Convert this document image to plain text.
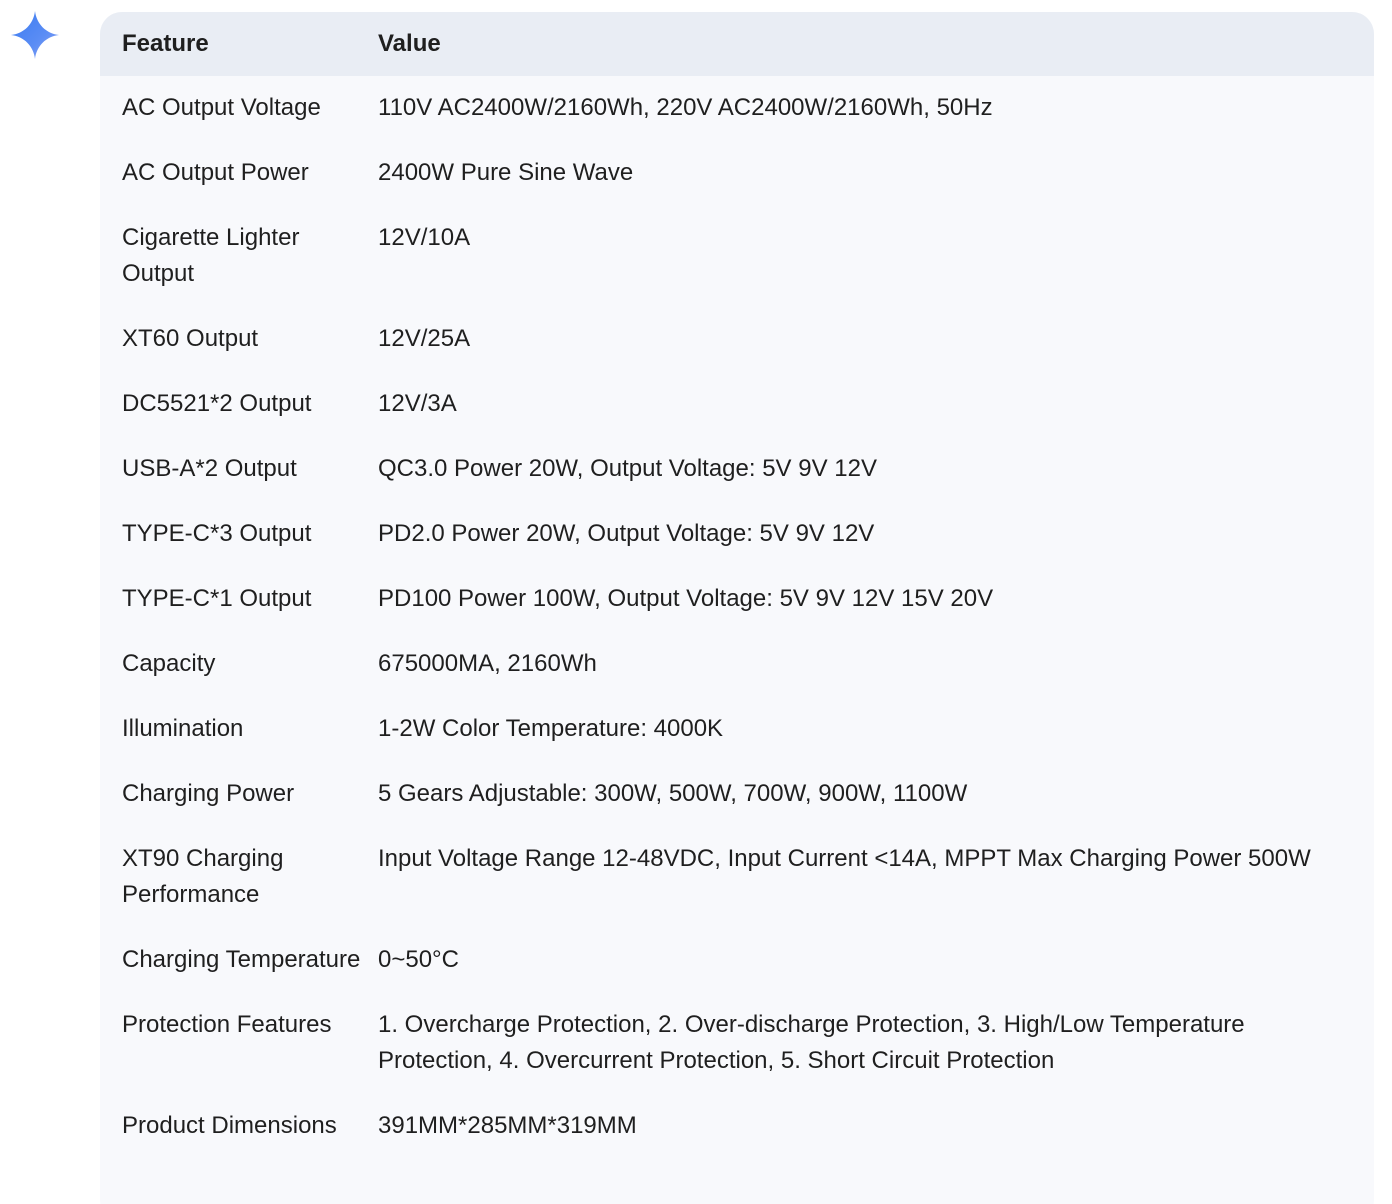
Feature	Value
AC Output Voltage	110V AC2400W/2160Wh, 220V AC2400W/2160Wh, 50Hz
AC Output Power	2400W Pure Sine Wave
Cigarette Lighter Output	12V/10A
XT60 Output	12V/25A
DC5521*2 Output	12V/3A
USB-A*2 Output	QC3.0 Power 20W, Output Voltage: 5V 9V 12V
TYPE-C*3 Output	PD2.0 Power 20W, Output Voltage: 5V 9V 12V
TYPE-C*1 Output	PD100 Power 100W, Output Voltage: 5V 9V 12V 15V 20V
Capacity	675000MA, 2160Wh
Illumination	1-2W Color Temperature: 4000K
Charging Power	5 Gears Adjustable: 300W, 500W, 700W, 900W, 1100W
XT90 Charging Performance	Input Voltage Range 12-48VDC, Input Current <14A, MPPT Max Charging Power 500W
Charging Temperature	0~50°C
Protection Features	1. Overcharge Protection, 2. Over-discharge Protection, 3. High/Low Temperature Protection, 4. Overcurrent Protection, 5. Short Circuit Protection
Product Dimensions	391MM*285MM*319MM
